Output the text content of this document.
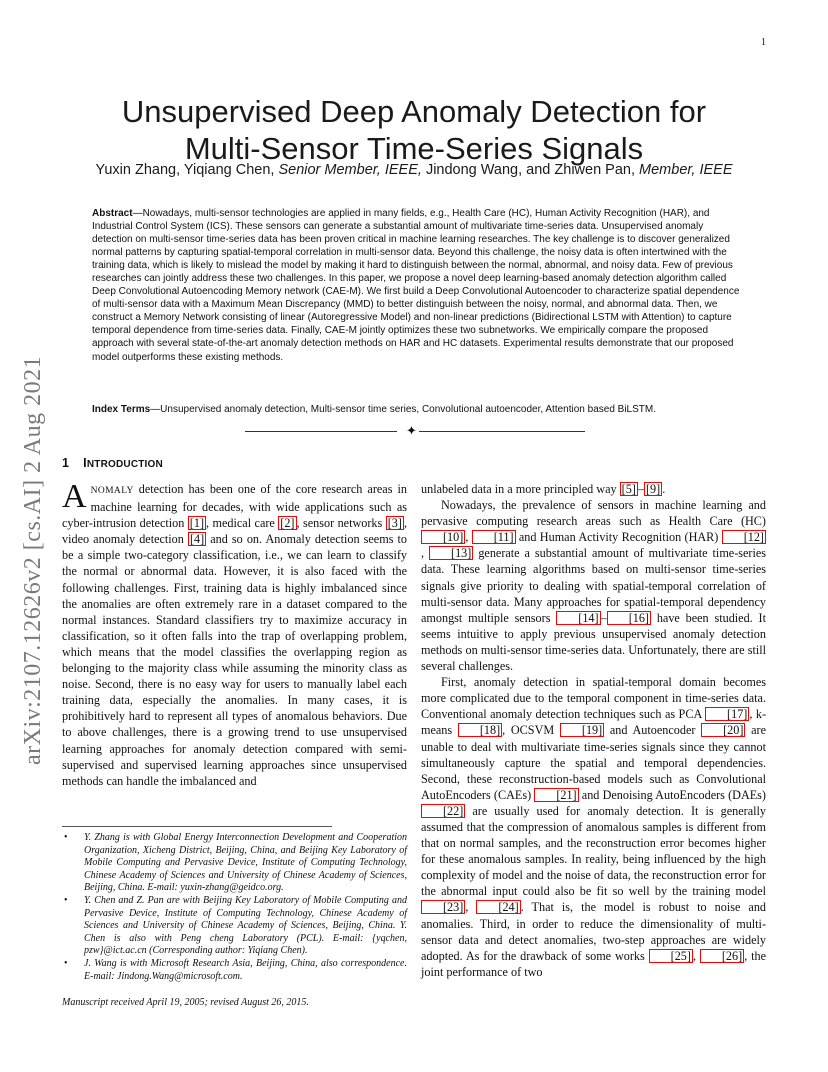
1
arXiv:2107.12626v2 [cs.AI] 2 Aug 2021
Unsupervised Deep Anomaly Detection for
Multi-Sensor Time-Series Signals
Yuxin Zhang, Yiqiang Chen, Senior Member, IEEE, Jindong Wang, and Zhiwen Pan, Member, IEEE
Abstract—Nowadays, multi-sensor technologies are applied in many fields, e.g., Health Care (HC), Human Activity Recognition (HAR), and Industrial Control System (ICS). These sensors can generate a substantial amount of multivariate time-series data. Unsupervised anomaly detection on multi-sensor time-series data has been proven critical in machine learning researches. The key challenge is to discover generalized normal patterns by capturing spatial-temporal correlation in multi-sensor data. Beyond this challenge, the noisy data is often intertwined with the training data, which is likely to mislead the model by making it hard to distinguish between the normal, abnormal, and noisy data. Few of previous researches can jointly address these two challenges. In this paper, we propose a novel deep learning-based anomaly detection algorithm called Deep Convolutional Autoencoding Memory network (CAE-M). We first build a Deep Convolutional Autoencoder to characterize spatial dependence of multi-sensor data with a Maximum Mean Discrepancy (MMD) to better distinguish between the noisy, normal, and abnormal data. Then, we construct a Memory Network consisting of linear (Autoregressive Model) and non-linear predictions (Bidirectional LSTM with Attention) to capture temporal dependence from time-series data. Finally, CAE-M jointly optimizes these two subnetworks. We empirically compare the proposed approach with several state-of-the-art anomaly detection methods on HAR and HC datasets. Experimental results demonstrate that our proposed model outperforms these existing methods.
Index Terms—Unsupervised anomaly detection, Multi-sensor time series, Convolutional autoencoder, Attention based BiLSTM.
✦
1 INTRODUCTION

ANOMALY detection has been one of the core research areas in machine learning for decades, with wide applications such as cyber-intrusion detection [1] , medical care [2] , sensor networks [3] , video anomaly detection [4] and so on. Anomaly detection seems to be a simple two-category classification, i.e., we can learn to classify the normal or abnormal data. However, it is also faced with the following challenges. First, training data is highly imbalanced since the anomalies are often extremely rare in a dataset compared to the normal instances. Standard classifiers try to maximize accuracy in classification, so it often falls into the trap of overlapping problem, which means that the model classifies the overlapping region as belonging to the majority class while assuming the minority class as noise. Second, there is no easy way for users to manually label each training data, especially the anomalies. In many cases, it is prohibitively hard to represent all types of anomalous behaviors. Due to above challenges, there is a growing trend to use unsupervised learning approaches for anomaly detection compared with semi-supervised and supervised learning approaches since unsupervised methods can handle the imbalanced and

unlabeled data in a more principled way [5] – [9] .

Nowadays, the prevalence of sensors in machine learning and pervasive computing research areas such as Health Care (HC) [10] , [11] and Human Activity Recognition (HAR) [12], [13] generate a substantial amount of multivariate time-series data. These learning algorithms based on multi-sensor time-series signals give priority to dealing with spatial-temporal correlation of multi-sensor data. Many approaches for spatial-temporal dependency amongst multiple sensors [14] – [16] have been studied. It seems intuitive to apply previous unsupervised anomaly detection methods on multi-sensor time-series data. Unfortunately, there are still several challenges.

First, anomaly detection in spatial-temporal domain becomes more complicated due to the temporal component in time-series data. Conventional anomaly detection techniques such as PCA [17] , k-means [18] , OCSVM [19] and Autoencoder [20] are unable to deal with multivariate time-series signals since they cannot simultaneously capture the spatial and temporal dependencies. Second, these reconstruction-based models such as Convolutional AutoEncoders (CAEs) [21] and Denoising AutoEncoders (DAEs) [22] are usually used for anomaly detection. It is generally assumed that the compression of anomalous samples is different from that on normal samples, and the reconstruction error becomes higher for these anomalous samples. In reality, being influenced by the high complexity of model and the noise of data, the reconstruction error for the abnormal input could also be fit so well by the training model [23] , [24] . That is, the model is robust to noise and anomalies. Third, in order to reduce the dimensionality of multi-sensor data and detect anomalies, two-step approaches are widely adopted. As for the drawback of some works [25] , [26] , the joint performance of two

• Y. Zhang is with Global Energy Interconnection Development and Cooperation Organization, Xicheng District, Beijing, China, and Beijing Key Laboratory of Mobile Computing and Pervasive Device, Institute of Computing Technology, Chinese Academy of Sciences and University of Chinese Academy of Sciences, Beijing, China. E-mail: yuxin-zhang@geidco.org.
• Y. Chen and Z. Pan are with Beijing Key Laboratory of Mobile Computing and Pervasive Device, Institute of Computing Technology, Chinese Academy of Sciences and University of Chinese Academy of Sciences, Beijing, China. Y. Chen is also with Peng cheng Laboratory (PCL). E-mail: {yqchen, pzw}@ict.ac.cn (Corresponding author: Yiqiang Chen).
• J. Wang is with Microsoft Research Asia, Beijing, China, also correspondence. E-mail: Jindong.Wang@microsoft.com.
Manuscript received April 19, 2005; revised August 26, 2015.
